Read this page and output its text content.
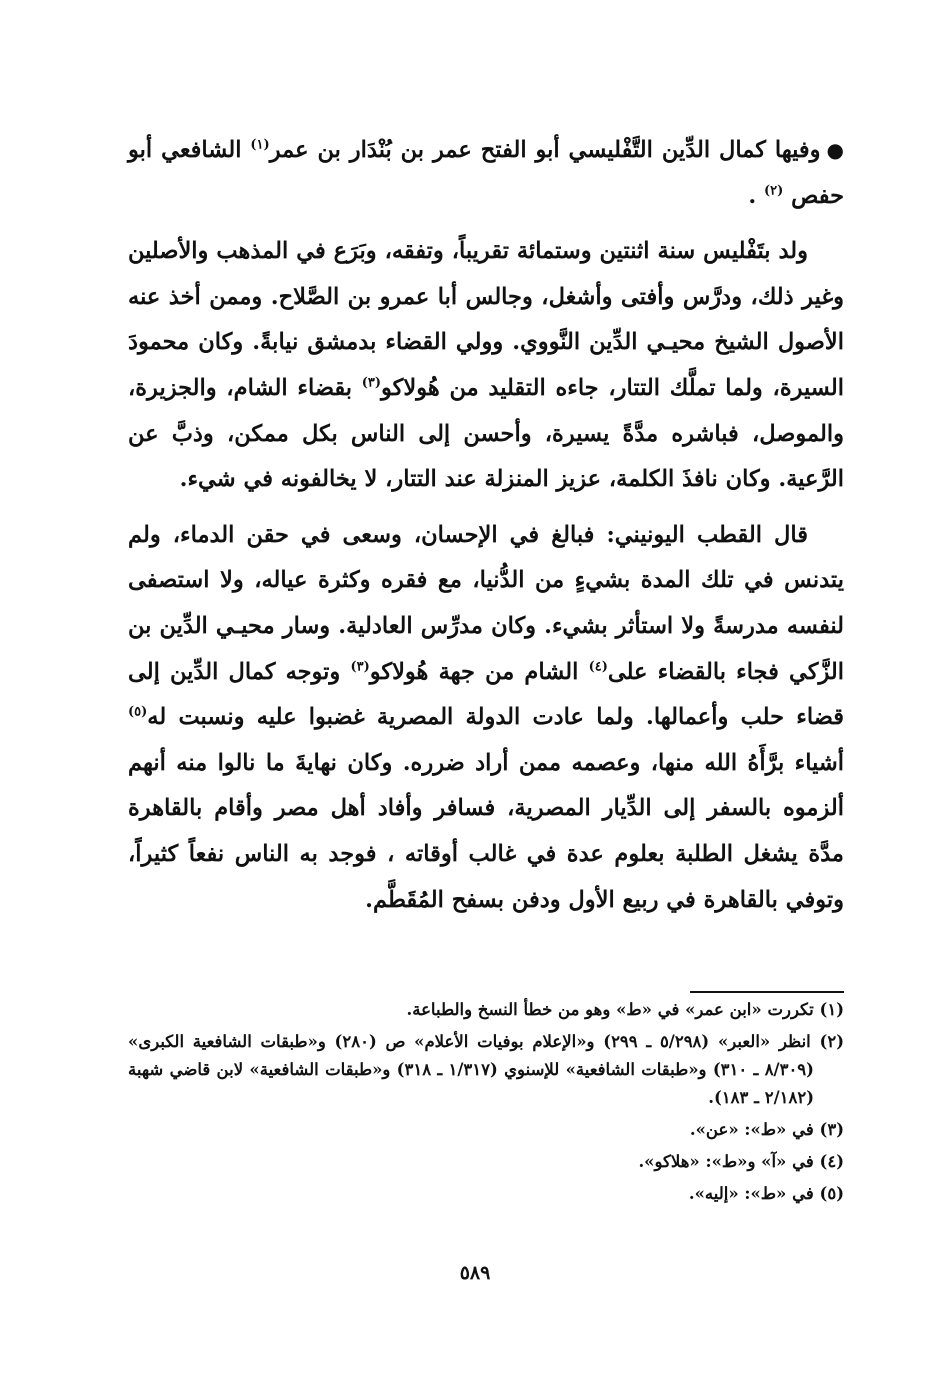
●وفيها كمال الدِّين التَّفْليسي أبو الفتح عمر بن بُنْدَار بن عمر$^{(١)}$ الشافعي أبو حفص $^{(٢)}$ .

ولد بتَفْليس سنة اثنتين وستمائة تقريباً، وتفقه، وبَرَع في المذهب والأصلين وغير ذلك، ودرَّس وأفتى وأشغل، وجالس أبا عمرو بن الصَّلاح. وممن أخذ عنه الأصول الشيخ محيـي الدِّين النَّووي. وولي القضاء بدمشق نيابةً. وكان محمودَ السيرة، ولما تملَّك التتار، جاءه التقليد من هُولاكو$^{(٣)}$ بقضاء الشام، والجزيرة، والموصل، فباشره مدَّةً يسيرة، وأحسن إلى الناس بكل ممكن، وذبَّ عن الرَّعية. وكان نافذَ الكلمة، عزيز المنزلة عند التتار، لا يخالفونه في شيء.

قال القطب اليونيني: فبالغ في الإحسان، وسعى في حقن الدماء، ولم يتدنس في تلك المدة بشيءٍ من الدُّنيا، مع فقره وكثرة عياله، ولا استصفى لنفسه مدرسةً ولا استأثر بشيء. وكان مدرِّس العادلية. وسار محيـي الدِّين بن الزَّكي فجاء بالقضاء على$^{(٤)}$ الشام من جهة هُولاكو$^{(٣)}$ وتوجه كمال الدِّين إلى قضاء حلب وأعمالها. ولما عادت الدولة المصرية غضبوا عليه ونسبت له$^{(٥)}$ أشياء برَّأَهُ الله منها، وعصمه ممن أراد ضرره. وكان نهايةَ ما نالوا منه أنهم ألزموه بالسفر إلى الدِّيار المصرية، فسافر وأفاد أهل مصر وأقام بالقاهرة مدَّة يشغل الطلبة بعلوم عدة في غالب أوقاته ، فوجد به الناس نفعاً كثيراً، وتوفي بالقاهرة في ربيع الأول ودفن بسفح المُقَطَّم.

(١) تكررت «ابن عمر» في «ط» وهو من خطأ النسخ والطباعة.

(٢) انظر «العبر» (٥/٢٩٨ ـ ٢٩٩) و«الإعلام بوفيات الأعلام» ص (٢٨٠) و«طبقات الشافعية الكبرى» (٨/٣٠٩ ـ ٣١٠) و«طبقات الشافعية» للإسنوي (١/٣١٧ ـ ٣١٨) و«طبقات الشافعية» لابن قاضي شهبة (٢/١٨٢ ـ ١٨٣).

(٣) في «ط»: «عن».

(٤) في «آ» و«ط»: «هلاكو».

(٥) في «ط»: «إليه».

٥٨٩
